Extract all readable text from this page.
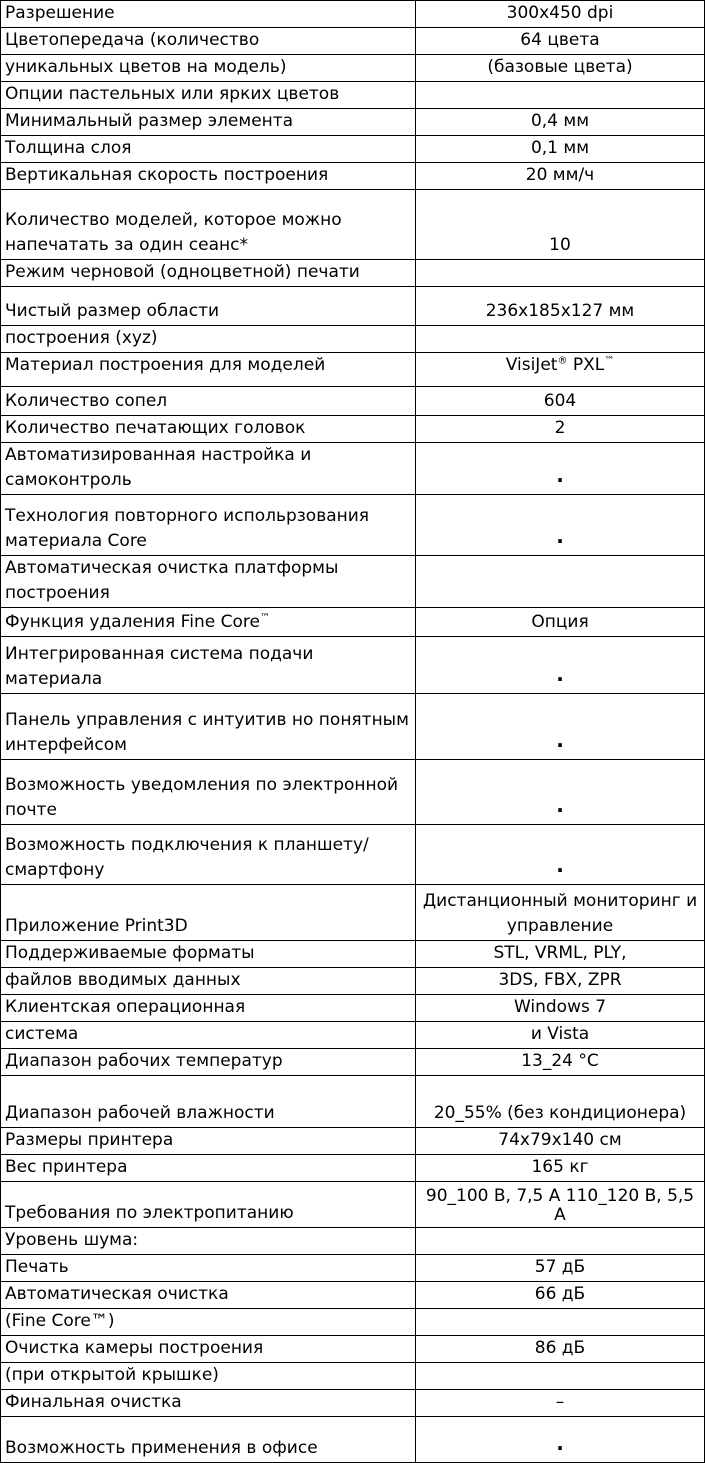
Разрешение	300x450 dpi
Цветопередача (количество	64 цвета
уникальных цветов на модель)	(базовые цвета)
Опции пастельных или ярких цветов	
Минимальный размер элемента	0,4 мм
Толщина слоя	0,1 мм
Вертикальная скорость построения	20 мм/ч
Количество моделей, которое можно напечатать за один сеанс*	10
Режим черновой (одноцветной) печати	
Чистый размер области	236x185x127 мм
построения (xyz)	
Материал построения для моделей	VisiJet® PXL™
Количество сопел	604
Количество печатающих головок	2
Автоматизированная настройка и самоконтроль	·
Технология повторного испольрзования материала Core	·
Автоматическая очистка платформы построения	
Функция удаления Fine Core™	Опция
Интегрированная система подачи материала	·
Панель управления с интуитив но понятным интерфейсом	·
Возможность уведомления по электронной почте	·
Возможность подключения к планшету/смартфону	·
Приложение Print3D	Дистанционный мониторинг и управление
Поддерживаемые форматы	STL, VRML, PLY,
файлов вводимых данных	3DS, FBX, ZPR
Клиентская операционная	Windows 7
система	и Vista
Диапазон рабочих температур	13_24 °C
Диапазон рабочей влажности	20_55% (без кондиционера)
Размеры принтера	74x79x140 см
Вес принтера	165 кг
Требования по электропитанию	90_100 В, 7,5 А 110_120 В, 5,5 А
Уровень шума:	
Печать	57 дБ
Автоматическая очистка	66 дБ
(Fine Core™)	
Очистка камеры построения	86 дБ
(при открытой крышке)	
Финальная очистка	–
Возможность применения в офисе	·
